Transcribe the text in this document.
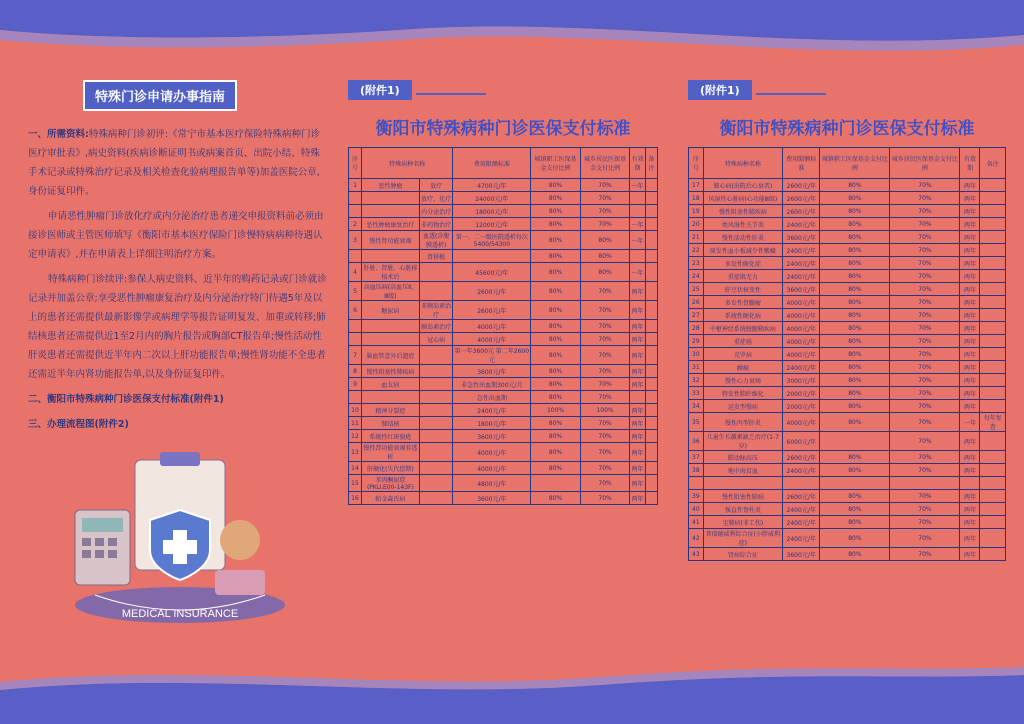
特殊门诊申请办事指南

一、所需资料:特殊病种门诊初评:《常宁市基本医疗保险特殊病种门诊医疗审批表》,病史资料(疾病诊断证明书或病案首页、出院小结、特殊手术记录或特殊治疗记录及相关检查化验病理报告单等)加盖医院公章,身份证复印件。

申请恶性肿瘤门诊放化疗或内分泌治疗患者递交申报资料前必须由接诊医师或主管医师填写《衡阳市基本医疗保险门诊慢特病病种待遇认定申请表》,并在申请表上详细注明治疗方案。

特殊病种门诊续评:参保人病史资料、近半年的购药记录或门诊就诊记录并加盖公章;享受恶性肿瘤康复治疗及内分泌治疗特门待遇5年及以上的患者还需提供最新影像学或病理学等报告证明复发、加重或转移;肺结核患者还需提供近1至2月内的胸片报告或胸部CT报告单;慢性活动性肝炎患者还需提供近半年内二次以上肝功能报告单;慢性肾功能不全患者还需近半年内肾功能报告单,以及身份证复印件。

二、衡阳市特殊病种门诊医保支付标准(附件1)

三、办理流程图(附件2)

MEDICAL INSURANCE
(附件1)
衡阳市特殊病种门诊医保支付标准
序号	特殊病种名称		费用限额标准	城镇职工医保基金支付比例	城乡居民医保基金支付比例	有效期	备注
1	恶性肿瘤	放疗	4700元/年	80%	70%	一年	
		放疗、化疗	24000元/年	80%	70%		
		内分泌治疗	18000元/年	80%	70%		
2	恶性肿瘤康复治疗	非药物治疗	12000元/年	80%	70%	一年	
3	慢性肾功能衰竭	血透(含腹膜透析)	第一、二一级医院透析每次5400/54300	80%	80%	一年	
		肾移植		80%	80%		
4	肝脏、肾脏、心脏移植术后		45600元/年	80%	80%	一年	
5	高血压病(高血压Ⅱ、Ⅲ级)		2600元/年	80%	70%	两年	
6	糖尿病	非胰岛素治疗	2600元/年	80%	70%	两年	
		胰岛素治疗	4000元/年	80%	70%	两年	
		冠心病	4000元/年	80%	70%	两年	
7	脑血管意外后遗症		第一年3600元 第二年2600元	80%	70%	两年	
8	慢性阻塞性肺疾病		3600元/年	80%	70%	两年	
9	血友病		非急性出血期300元/月	80%	70%	两年	
			急性出血期	80%	70%		
10	精神分裂症		2400元/年	100%	100%	两年	
11	肺结核		1800元/年	80%	70%	两年	
12	系统性红斑狼疮		3600元/年	80%	70%	两年	
13	慢性肾功能衰竭非透析		4000元/年	80%	70%	两年	
14	肝硬化(失代偿期)		4000元/年	80%	70%	两年	
15	苯丙酮尿症(PKU,E00-143F)		4800元/年		70%	两年	
16	帕金森氏病		3600元/年	80%	70%	两年	
(附件1)
衡阳市特殊病种门诊医保支付标准
序号	特殊病种名称	费用限额标准	城镇职工医保基金支付比例	城乡居民医保基金支付比例	有效期	备注
17	肺心病(出院后心衰者)	2600元/年	80%	70%	两年	
18	风湿性心脏病(心功能Ⅲ级)	2600元/年	80%	70%	两年	
19	慢性阻塞性肺疾病	2600元/年	80%	70%	两年	
20	类风湿性关节炎	2400元/年	80%	70%	两年	
21	慢性活动性肝炎	3600元/年	80%	70%	两年	
22	原发性血小板减少性紫癜	2400元/年	80%	70%	两年	
23	多发性硬化症	2400元/年	80%	70%	两年	
24	重症肌无力	2400元/年	80%	70%	两年	
25	肝豆状核变性	3600元/年	80%	70%	两年	
26	多发性骨髓瘤	4000元/年	80%	70%	两年	
27	系统性硬化病	4000元/年	80%	70%	两年	
28	中枢神经系统脱髓鞘疾病	4000元/年	80%	70%	两年	
29	重症癌	4000元/年	80%	70%	两年	
30	克罗病	4000元/年	80%	70%	两年	
31	癫痫	2400元/年	80%	70%	两年	
32	慢性心力衰竭	3000元/年	80%	70%	两年	
33	特发性肺纤维化	2000元/年	80%	70%	两年	
34	运发型慢病	2000元/年	80%	70%	两年	
35	慢性丙型肝炎	4000元/年	80%	70%	一年	每年复查
36	儿童生长激素缺乏治疗(1-7岁)	6000元/年		70%	两年	
37	肺动脉高压	2600元/年	80%	70%	两年	
38	地中海贫血	2400元/年	80%	70%	两年	

39	慢性阻塞性肺病	2600元/年	80%	70%	两年	
40	强直性脊柱炎	2400元/年	80%	70%	两年	
41	尘肺病(非工伤)	2400元/年	80%	70%	两年	
42	普瑞德威利综合征(小胖威利症)	2400元/年	80%	70%	两年	
43	肾病综合征	3600元/年	80%	70%	两年	
